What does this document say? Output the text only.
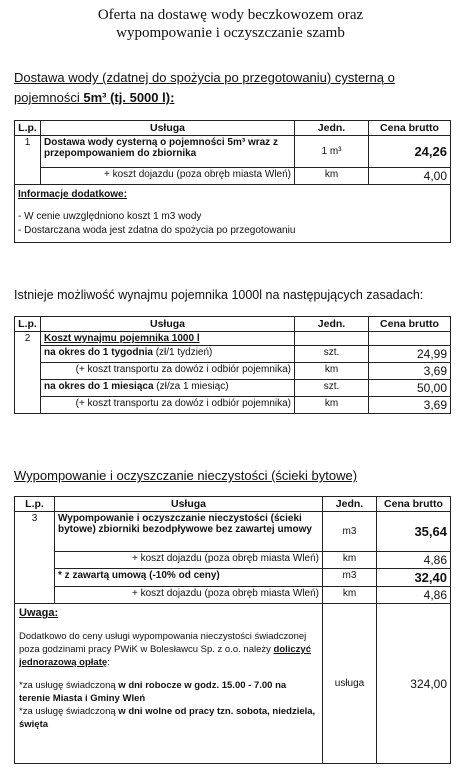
Oferta na dostawę wody beczkowozem oraz
wypompowanie i oczyszczanie szamb
Dostawa wody (zdatnej do spożycia po przegotowaniu) cysterną o
pojemności 5m³ (tj. 5000 l):
L.p.	Usługa	Jedn.	Cena brutto
1	Dostawa wody cysterną o pojemności 5m³ wraz z przepompowaniem do zbiornika	1 m³	24,26
	+ koszt dojazdu (poza obręb miasta Wleń)	km	4,00

Informacje dodatkowe:
- W cenie uwzględniono koszt 1 m3 wody
- Dostarczana woda jest zdatna do spożycia po przegotowaniu			
Istnieje możliwość wynajmu pojemnika 1000l na następujących zasadach:
L.p.	Usługa	Jedn.	Cena brutto
2	Koszt wynajmu pojemnika 1000 l		
	na okres do 1 tygodnia (zł/1 tydzień)	szt.	24,99
	(+ koszt transportu za dowóz i odbiór pojemnika)	km	3,69
	na okres do 1 miesiąca (zł/za 1 miesiąc)	szt.	50,00
	(+ koszt transportu za dowóz i odbiór pojemnika)	km	3,69
Wypompowanie i oczyszczanie nieczystości (ścieki bytowe)
L.p.	Usługa	Jedn.	Cena brutto
3	Wypompowanie i oczyszczanie nieczystości (ścieki bytowe) zbiorniki bezodpływowe bez zawartej umowy	m3	35,64
	+ koszt dojazdu (poza obręb miasta Wleń)	km	4,86
	* z zawartą umową (-10% od ceny)	m3	32,40
	+ koszt dojazdu (poza obręb miasta Wleń)	km	4,86

Uwaga:
Dodatkowo do ceny usługi wypompowania nieczystości świadczonej poza godzinami pracy PWiK w Bolesławcu Sp. z o.o. należy doliczyć jednorazową opłatę:
*za usługę świadczoną w dni robocze w godz. 15.00 - 7.00 na terenie Miasta i Gminy Wleń
*za usługę świadczoną w dni wolne od pracy tzn. sobota, niedziela, święta		usługa	324,00
